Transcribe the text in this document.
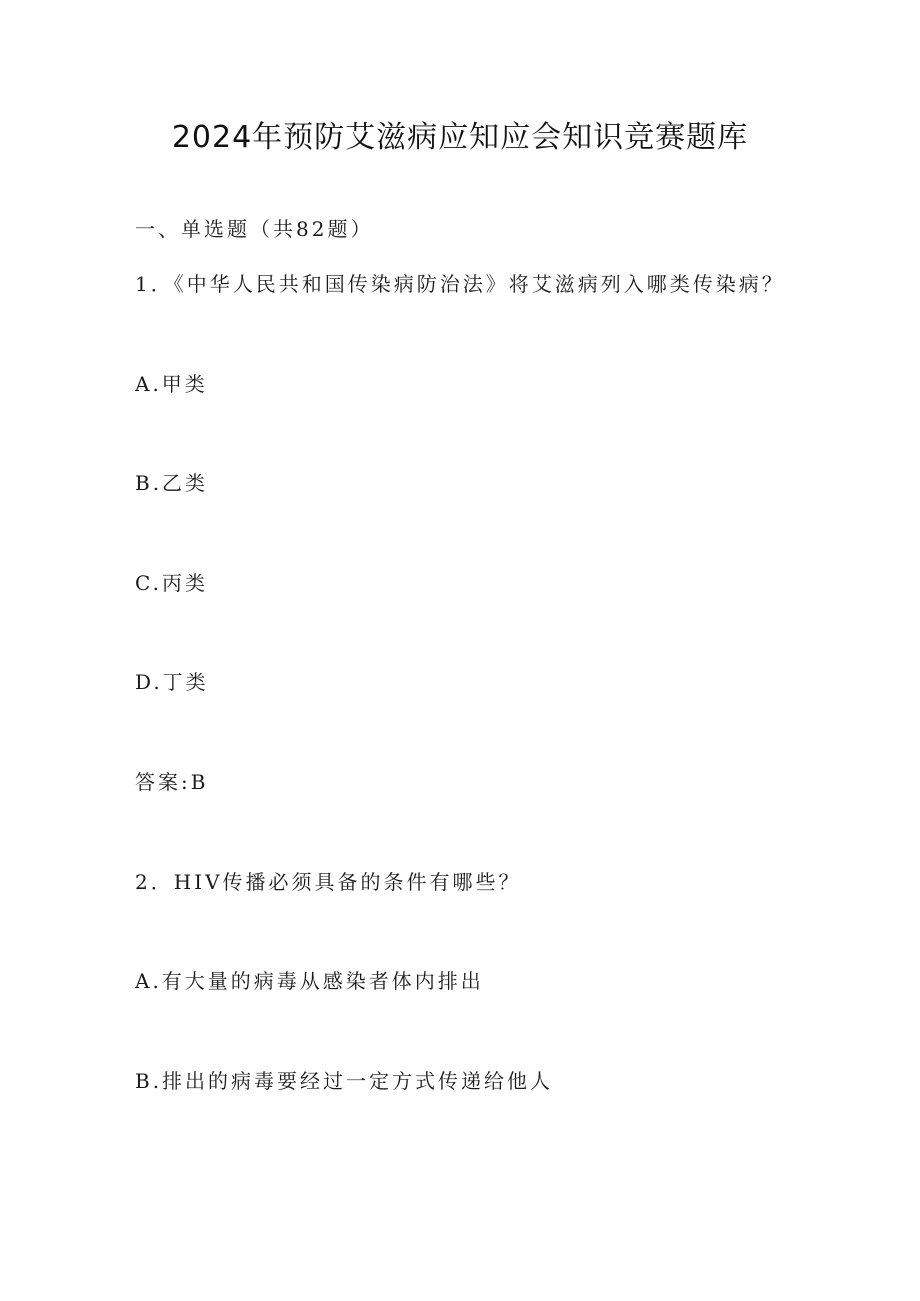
2024年预防艾滋病应知应会知识竞赛题库
一、单选题（共82题）
1．《中华人民共和国传染病防治法》将艾滋病列入哪类传染病？
A.甲类
B.乙类
C.丙类
D.丁类
答案:B
2．HIV传播必须具备的条件有哪些？
A.有大量的病毒从感染者体内排出
B.排出的病毒要经过一定方式传递给他人
